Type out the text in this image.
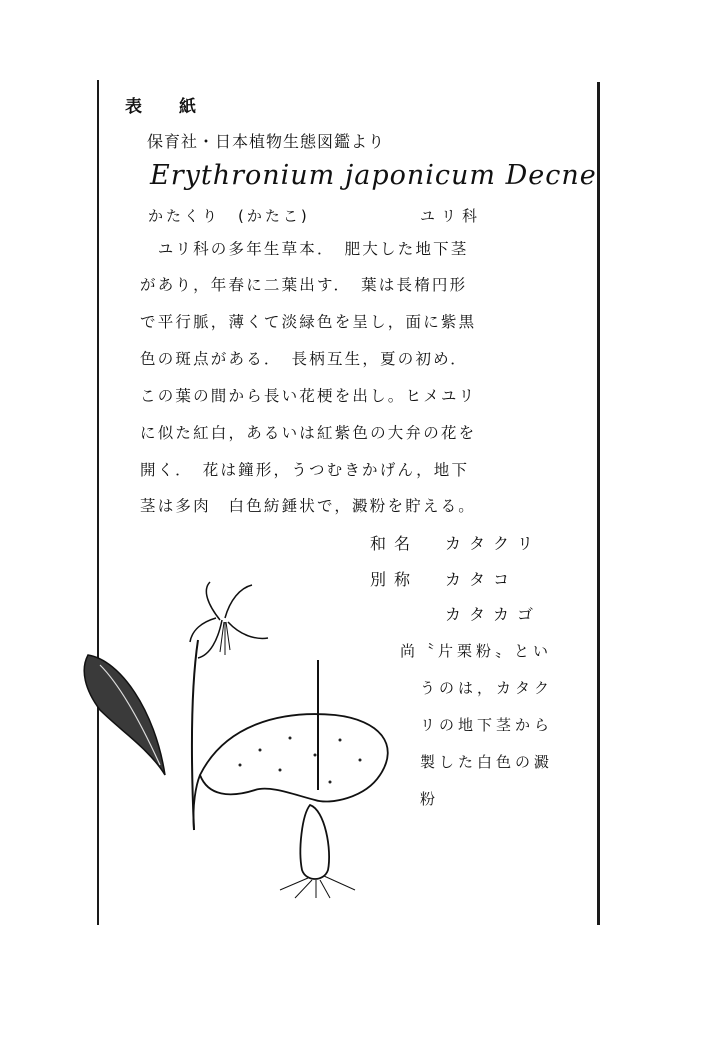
表　紙
保育社・日本植物生態図鑑より
Erythronium japonicum Decne
かたくり　(かたこ)	ユリ科
　ユリ科の多年生草本．　肥大した地下茎
があり，年春に二葉出す．　葉は長楕円形
で平行脈，薄くて淡緑色を呈し，面に紫黒
色の斑点がある．　長柄互生，夏の初め．
この葉の間から長い花梗を出し。ヒメユリ
に似た紅白，あるいは紅紫色の大弁の花を
開く．　花は鐘形，うつむきかげん，地下
茎は多肉　白色紡錘状で，澱粉を貯える。
和名 カタクリ
別称 カタコ
カタカゴ
尚〝片栗粉〟とい
うのは，カタク
リの地下茎から
製した白色の澱
粉
